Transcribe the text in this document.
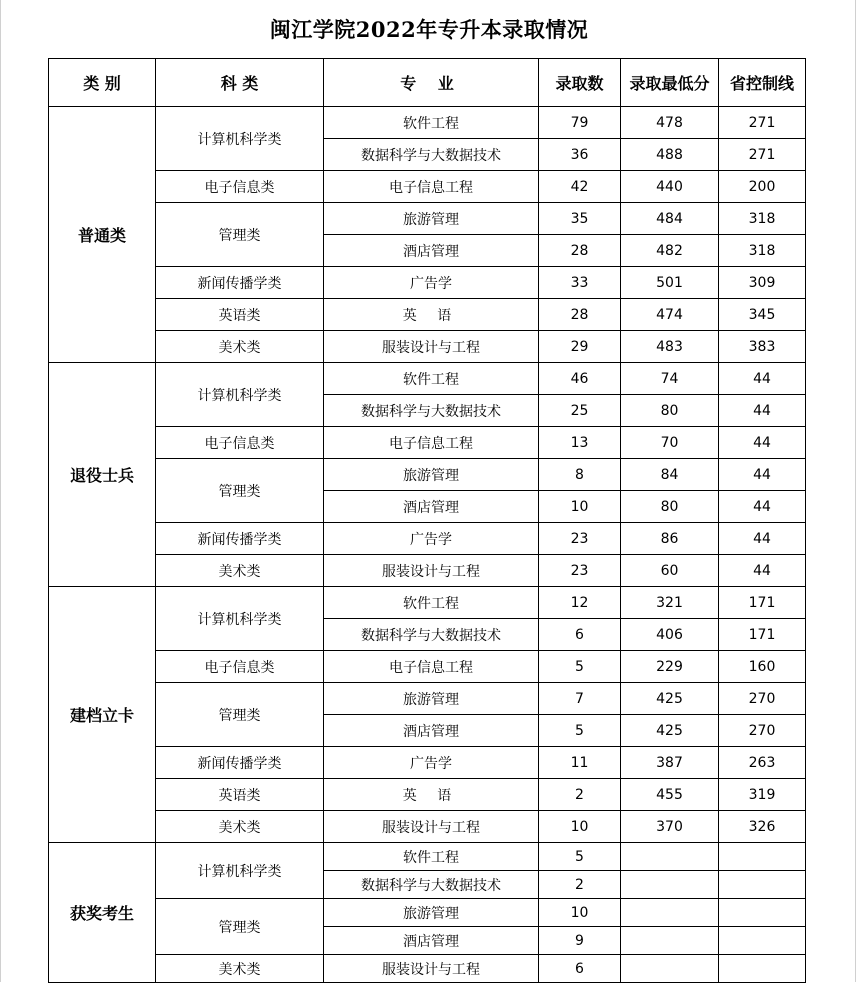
闽江学院2022年专升本录取情况
类 别	科 类	专 业	录取数	录取最低分	省控制线
普通类	计算机科学类	软件工程	79	478	271
		数据科学与大数据技术	36	488	271
	电子信息类	电子信息工程	42	440	200
	管理类	旅游管理	35	484	318
		酒店管理	28	482	318
	新闻传播学类	广告学	33	501	309
	英语类	英 语	28	474	345
	美术类	服装设计与工程	29	483	383
退役士兵	计算机科学类	软件工程	46	74	44
		数据科学与大数据技术	25	80	44
	电子信息类	电子信息工程	13	70	44
	管理类	旅游管理	8	84	44
		酒店管理	10	80	44
	新闻传播学类	广告学	23	86	44
	美术类	服装设计与工程	23	60	44
建档立卡	计算机科学类	软件工程	12	321	171
		数据科学与大数据技术	6	406	171
	电子信息类	电子信息工程	5	229	160
	管理类	旅游管理	7	425	270
		酒店管理	5	425	270
	新闻传播学类	广告学	11	387	263
	英语类	英 语	2	455	319
	美术类	服装设计与工程	10	370	326
获奖考生	计算机科学类	软件工程	5		
		数据科学与大数据技术	2		
	管理类	旅游管理	10		
		酒店管理	9		
	美术类	服装设计与工程	6		
